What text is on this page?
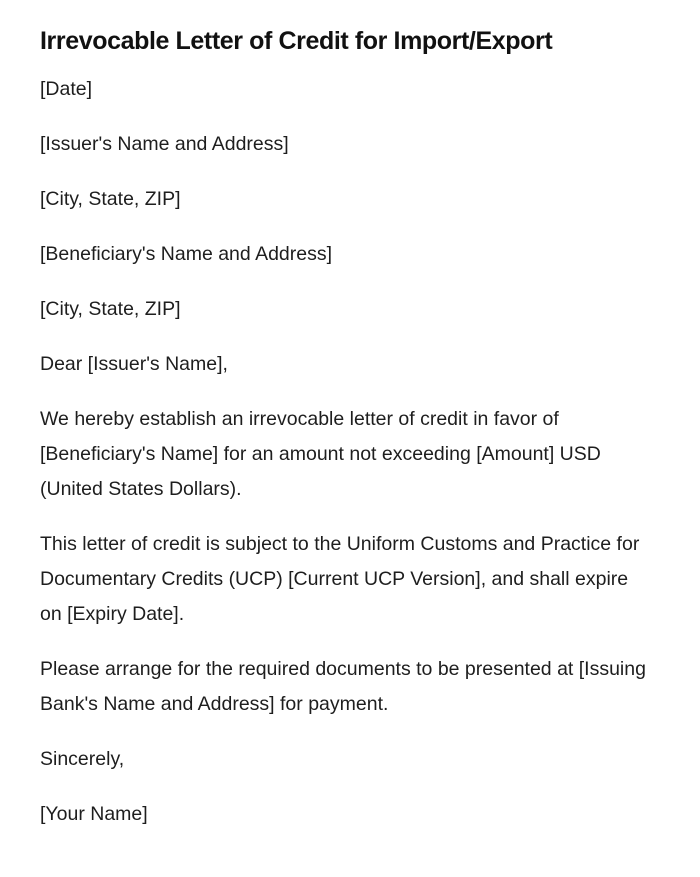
Irrevocable Letter of Credit for Import/Export

[Date]

[Issuer's Name and Address]

[City, State, ZIP]

[Beneficiary's Name and Address]

[City, State, ZIP]

Dear [Issuer's Name],

We hereby establish an irrevocable letter of credit in favor of [Beneficiary's Name] for an amount not exceeding [Amount] USD (United States Dollars).

This letter of credit is subject to the Uniform Customs and Practice for Documentary Credits (UCP) [Current UCP Version], and shall expire on [Expiry Date].

Please arrange for the required documents to be presented at [Issuing Bank's Name and Address] for payment.

Sincerely,

[Your Name]
